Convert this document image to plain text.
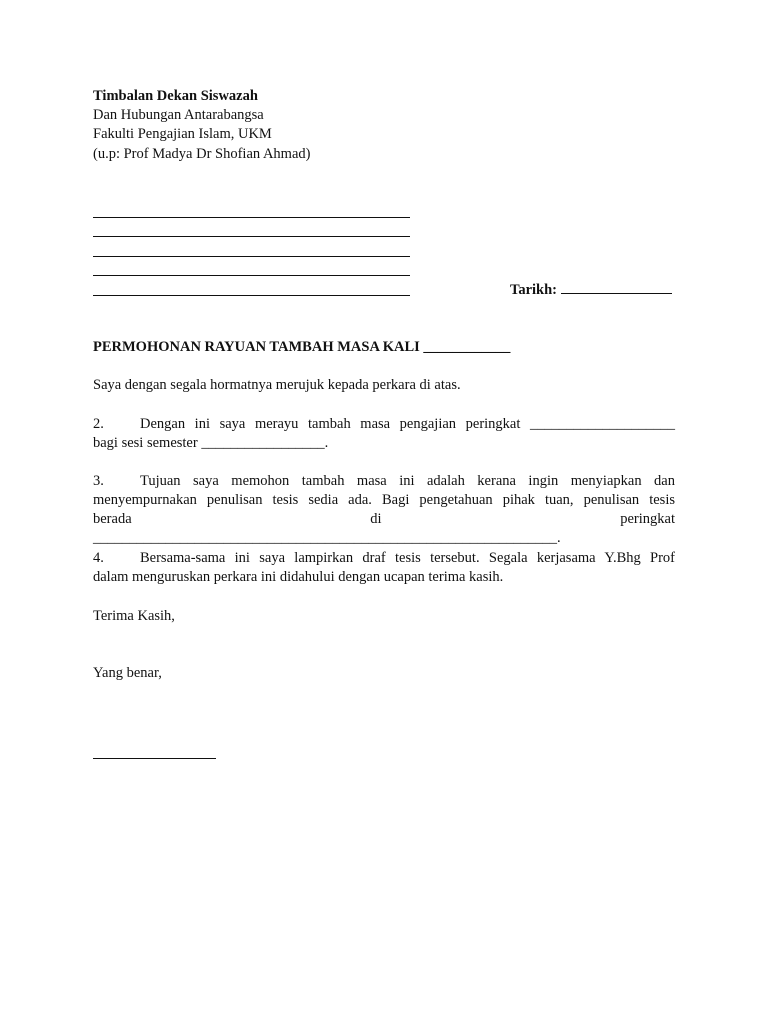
Timbalan Dekan Siswazah
Dan Hubungan Antarabangsa
Fakulti Pengajian Islam, UKM
(u.p: Prof Madya Dr Shofian Ahmad)
Tarikh:
PERMOHONAN RAYUAN TAMBAH MASA KALI ____________
Saya dengan segala hormatnya merujuk kepada perkara di atas.
2. Dengan ini saya merayu tambah masa pengajian peringkat ____________________
bagi sesi semester _________________.
3. Tujuan saya memohon tambah masa ini adalah kerana ingin menyiapkan dan
menyempurnakan penulisan tesis sedia ada. Bagi pengetahuan pihak tuan, penulisan tesis
berada di peringkat ________________________________________________________________.
4. Bersama-sama ini saya lampirkan draf tesis tersebut. Segala kerjasama Y.Bhg Prof
dalam menguruskan perkara ini didahului dengan ucapan terima kasih.
Terima Kasih,
Yang benar,
